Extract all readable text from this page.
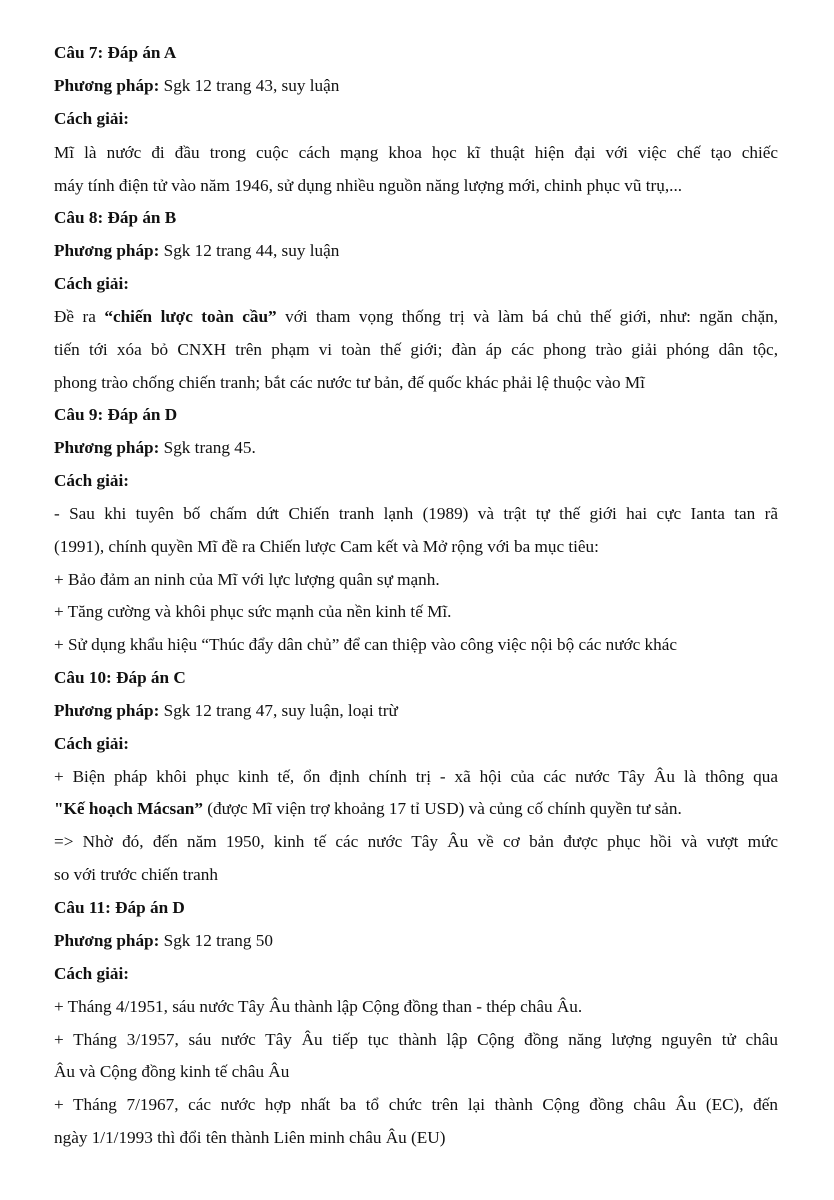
Câu 7: Đáp án A
Phương pháp: Sgk 12 trang 43, suy luận
Cách giải:
Mĩ là nước đi đầu trong cuộc cách mạng khoa học kĩ thuật hiện đại với việc chế tạo chiếc
máy tính điện tử vào năm 1946, sử dụng nhiều nguồn năng lượng mới, chinh phục vũ trụ,...
Câu 8: Đáp án B
Phương pháp: Sgk 12 trang 44, suy luận
Cách giải:
Đề ra “chiến lược toàn cầu” với tham vọng thống trị và làm bá chủ thế giới, như: ngăn chặn,
tiến tới xóa bỏ CNXH trên phạm vi toàn thế giới; đàn áp các phong trào giải phóng dân tộc,
phong trào chống chiến tranh; bắt các nước tư bản, đế quốc khác phải lệ thuộc vào Mĩ
Câu 9: Đáp án D
Phương pháp: Sgk trang 45.
Cách giải:
- Sau khi tuyên bố chấm dứt Chiến tranh lạnh (1989) và trật tự thế giới hai cực Ianta tan rã
(1991), chính quyền Mĩ đề ra Chiến lược Cam kết và Mở rộng với ba mục tiêu:
+ Bảo đảm an ninh của Mĩ với lực lượng quân sự mạnh.
+ Tăng cường và khôi phục sức mạnh của nền kinh tế Mĩ.
+ Sử dụng khẩu hiệu “Thúc đẩy dân chủ” để can thiệp vào công việc nội bộ các nước khác
Câu 10: Đáp án C
Phương pháp: Sgk 12 trang 47, suy luận, loại trừ
Cách giải:
+ Biện pháp khôi phục kinh tế, ổn định chính trị - xã hội của các nước Tây Âu là thông qua
"Kế hoạch Mácsan” (được Mĩ viện trợ khoảng 17 tỉ USD) và củng cố chính quyền tư sản.
=> Nhờ đó, đến năm 1950, kinh tế các nước Tây Âu về cơ bản được phục hồi và vượt mức
so với trước chiến tranh
Câu 11: Đáp án D
Phương pháp: Sgk 12 trang 50
Cách giải:
+ Tháng 4/1951, sáu nước Tây Âu thành lập Cộng đồng than - thép châu Âu.
+ Tháng 3/1957, sáu nước Tây Âu tiếp tục thành lập Cộng đồng năng lượng nguyên tử châu
Âu và Cộng đồng kinh tế châu Âu
+ Tháng 7/1967, các nước hợp nhất ba tổ chức trên lại thành Cộng đồng châu Âu (EC), đến
ngày 1/1/1993 thì đổi tên thành Liên minh châu Âu (EU)
